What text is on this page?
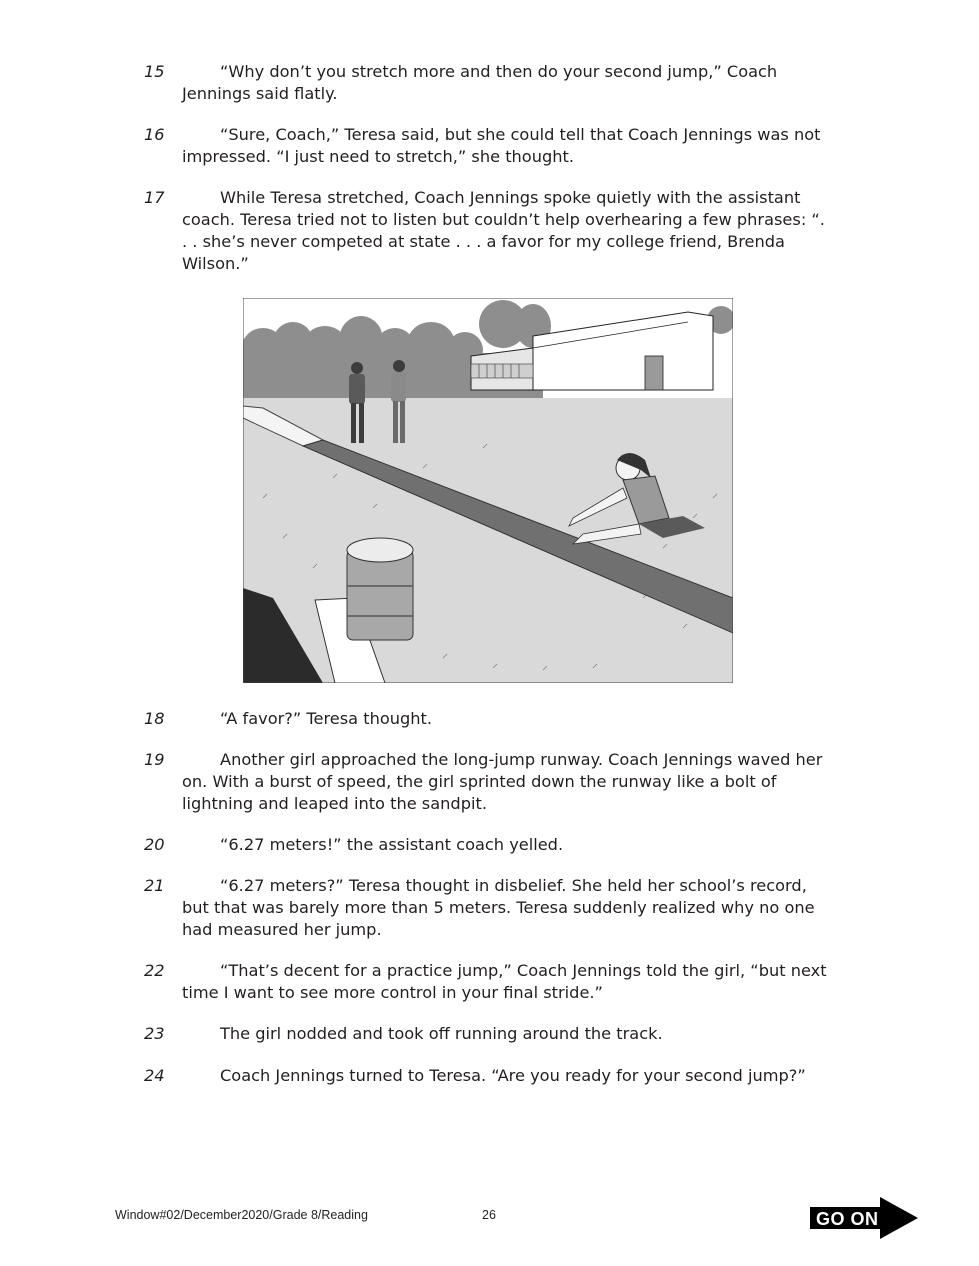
15	“Why don’t you stretch more and then do your second jump,” Coach Jennings said flatly.
16	“Sure, Coach,” Teresa said, but she could tell that Coach Jennings was not impressed. “I just need to stretch,” she thought.
17	While Teresa stretched, Coach Jennings spoke quietly with the assistant coach. Teresa tried not to listen but couldn’t help overhearing a few phrases: “. . . she’s never competed at state . . . a favor for my college friend, Brenda Wilson.”
18	“A favor?” Teresa thought.
19	Another girl approached the long-jump runway. Coach Jennings waved her on. With a burst of speed, the girl sprinted down the runway like a bolt of lightning and leaped into the sandpit.
20	“6.27 meters!” the assistant coach yelled.
21	“6.27 meters?” Teresa thought in disbelief. She held her school’s record, but that was barely more than 5 meters. Teresa suddenly realized why no one had measured her jump.
22	“That’s decent for a practice jump,” Coach Jennings told the girl, “but next time I want to see more control in your final stride.”
23	The girl nodded and took off running around the track.
24	Coach Jennings turned to Teresa. “Are you ready for your second jump?”
Window#02/December2020/Grade 8/Reading	26	GO ON
